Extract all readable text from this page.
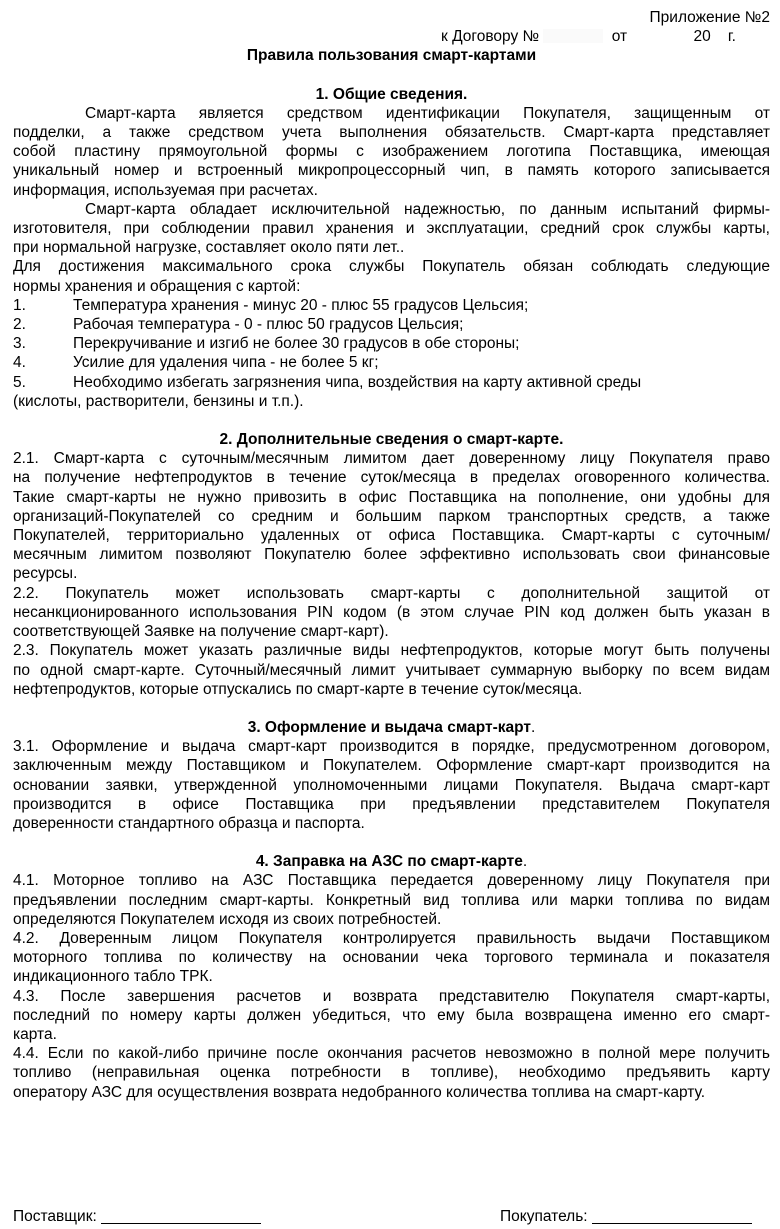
Приложение №2
к Договору №	от	20    г.
Правила пользования смарт-картами
1. Общие сведения.
Смарт-карта является средством идентификации Покупателя, защищенным от
подделки, а также средством учета выполнения обязательств. Смарт-карта представляет
собой пластину прямоугольной формы с изображением логотипа Поставщика, имеющая
уникальный номер и встроенный микропроцессорный чип, в память которого записывается
информация, используемая при расчетах.
Смарт-карта обладает исключительной надежностью, по данным испытаний фирмы-
изготовителя, при соблюдении правил хранения и эксплуатации, средний срок службы карты,
при нормальной нагрузке, составляет около пяти лет..
Для достижения максимального срока службы Покупатель обязан соблюдать следующие
нормы хранения и обращения с картой:
1.	Температура хранения - минус 20 - плюс 55 градусов Цельсия;
2.	Рабочая температура - 0 - плюс 50 градусов Цельсия;
3.	Перекручивание и изгиб не более 30 градусов в обе стороны;
4.	Усилие для удаления чипа - не более 5 кг;
5.	Необходимо избегать загрязнения чипа, воздействия на карту активной среды
(кислоты, растворители, бензины и т.п.).
2. Дополнительные сведения о смарт-карте.
2.1. Смарт-карта с суточным/месячным лимитом дает доверенному лицу Покупателя право
на получение нефтепродуктов в течение суток/месяца в пределах оговоренного количества.
Такие смарт-карты не нужно привозить в офис Поставщика на пополнение, они удобны для
организаций-Покупателей со средним и большим парком транспортных средств, а также
Покупателей, территориально удаленных от офиса Поставщика. Смарт-карты с суточным/
месячным лимитом позволяют Покупателю более эффективно использовать свои финансовые
ресурсы.
2.2. Покупатель может использовать смарт-карты с дополнительной защитой от
несанкционированного использования PIN кодом (в этом случае PIN код должен быть указан в
соответствующей Заявке на получение смарт-карт).
2.3. Покупатель может указать различные виды нефтепродуктов, которые могут быть получены
по одной смарт-карте. Суточный/месячный лимит учитывает суммарную выборку по всем видам
нефтепродуктов, которые отпускались по смарт-карте в течение суток/месяца.
3. Оформление и выдача смарт-карт.
3.1. Оформление и выдача смарт-карт производится в порядке, предусмотренном договором,
заключенным между Поставщиком и Покупателем. Оформление смарт-карт производится на
основании заявки, утвержденной уполномоченными лицами Покупателя. Выдача смарт-карт
производится в офисе Поставщика при предъявлении представителем Покупателя
доверенности стандартного образца и паспорта.
4. Заправка на АЗС по смарт-карте.
4.1. Моторное топливо на АЗС Поставщика передается доверенному лицу Покупателя при
предъявлении последним смарт-карты. Конкретный вид топлива или марки топлива по видам
определяются Покупателем исходя из своих потребностей.
4.2. Доверенным лицом Покупателя контролируется правильность выдачи Поставщиком
моторного топлива по количеству на основании чека торгового терминала и показателя
индикационного табло ТРК.
4.3. После завершения расчетов и возврата представителю Покупателя смарт-карты,
последний по номеру карты должен убедиться, что ему была возвращена именно его смарт-
карта.
4.4. Если по какой-либо причине после окончания расчетов невозможно в полной мере получить
топливо (неправильная оценка потребности в топливе), необходимо предъявить карту
оператору АЗС для осуществления возврата недобранного количества топлива на смарт-карту.
Поставщик:	Покупатель:
